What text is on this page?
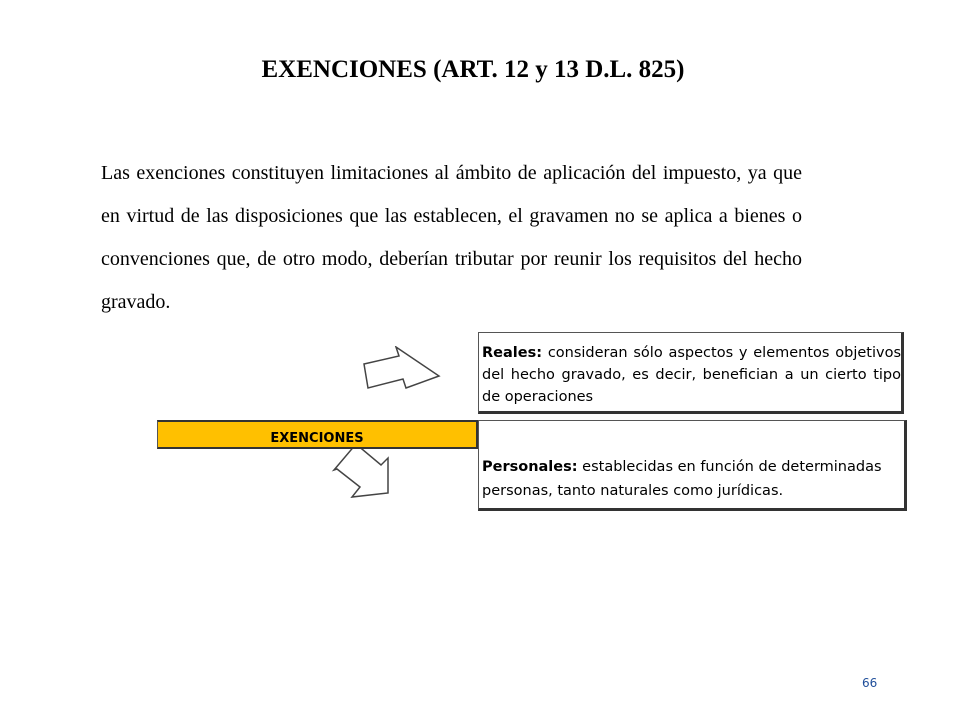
EXENCIONES (ART. 12 y 13 D.L. 825)
Las exenciones constituyen limitaciones al ámbito de aplicación del impuesto, ya que en virtud de las disposiciones que las establecen, el gravamen no se aplica a bienes o convenciones que, de otro modo, deberían tributar por reunir los requisitos del hecho gravado.
Reales: consideran sólo aspectos y elementos objetivos del hecho gravado, es decir, benefician a un cierto tipo de operaciones
EXENCIONES
Personales: establecidas en función de determinadas personas, tanto naturales como jurídicas.
66
